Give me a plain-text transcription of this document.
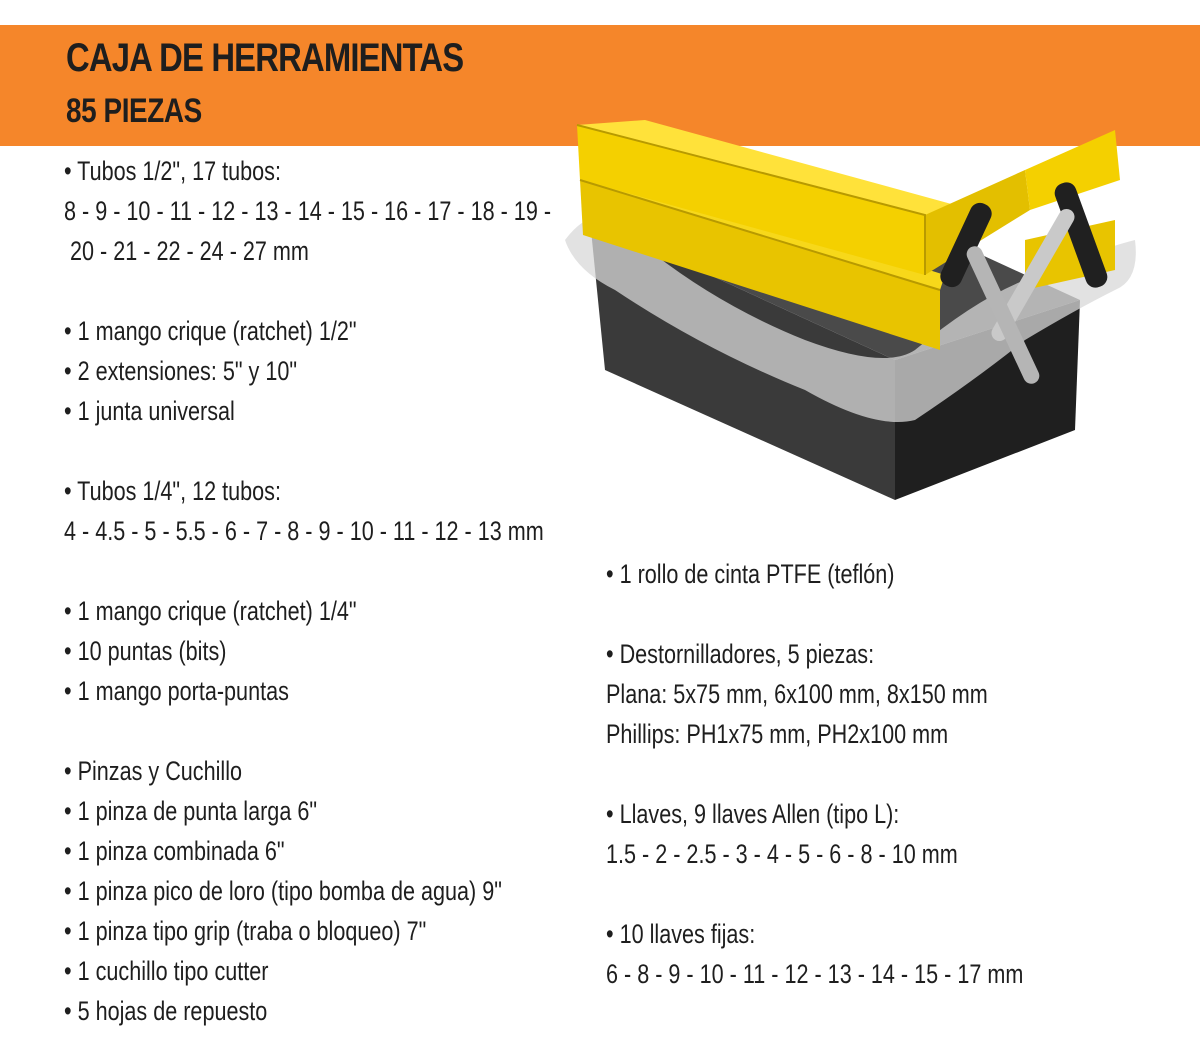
CAJA DE HERRAMIENTAS
85 PIEZAS

• Tubos 1/2", 17 tubos:

8 - 9 - 10 - 11 - 12 - 13 - 14 - 15 - 16 - 17 - 18 - 19 -

20 - 21 - 22 - 24 - 27 mm

• 1 mango crique (ratchet) 1/2"

• 2 extensiones: 5" y 10"

• 1 junta universal

• Tubos 1/4", 12 tubos:

4 - 4.5 - 5 - 5.5 - 6 - 7 - 8 - 9 - 10 - 11 - 12 - 13 mm

• 1 mango crique (ratchet) 1/4"

• 10 puntas (bits)

• 1 mango porta-puntas

• Pinzas y Cuchillo

• 1 pinza de punta larga 6"

• 1 pinza combinada 6"

• 1 pinza pico de loro (tipo bomba de agua) 9"

• 1 pinza tipo grip (traba o bloqueo) 7"

• 1 cuchillo tipo cutter

• 5 hojas de repuesto

• 1 rollo de cinta PTFE (teflón)

• Destornilladores, 5 piezas:

Plana: 5x75 mm, 6x100 mm, 8x150 mm

Phillips: PH1x75 mm, PH2x100 mm

• Llaves, 9 llaves Allen (tipo L):

1.5 - 2 - 2.5 - 3 - 4 - 5 - 6 - 8 - 10 mm

• 10 llaves fijas:

6 - 8 - 9 - 10 - 11 - 12 - 13 - 14 - 15 - 17 mm
